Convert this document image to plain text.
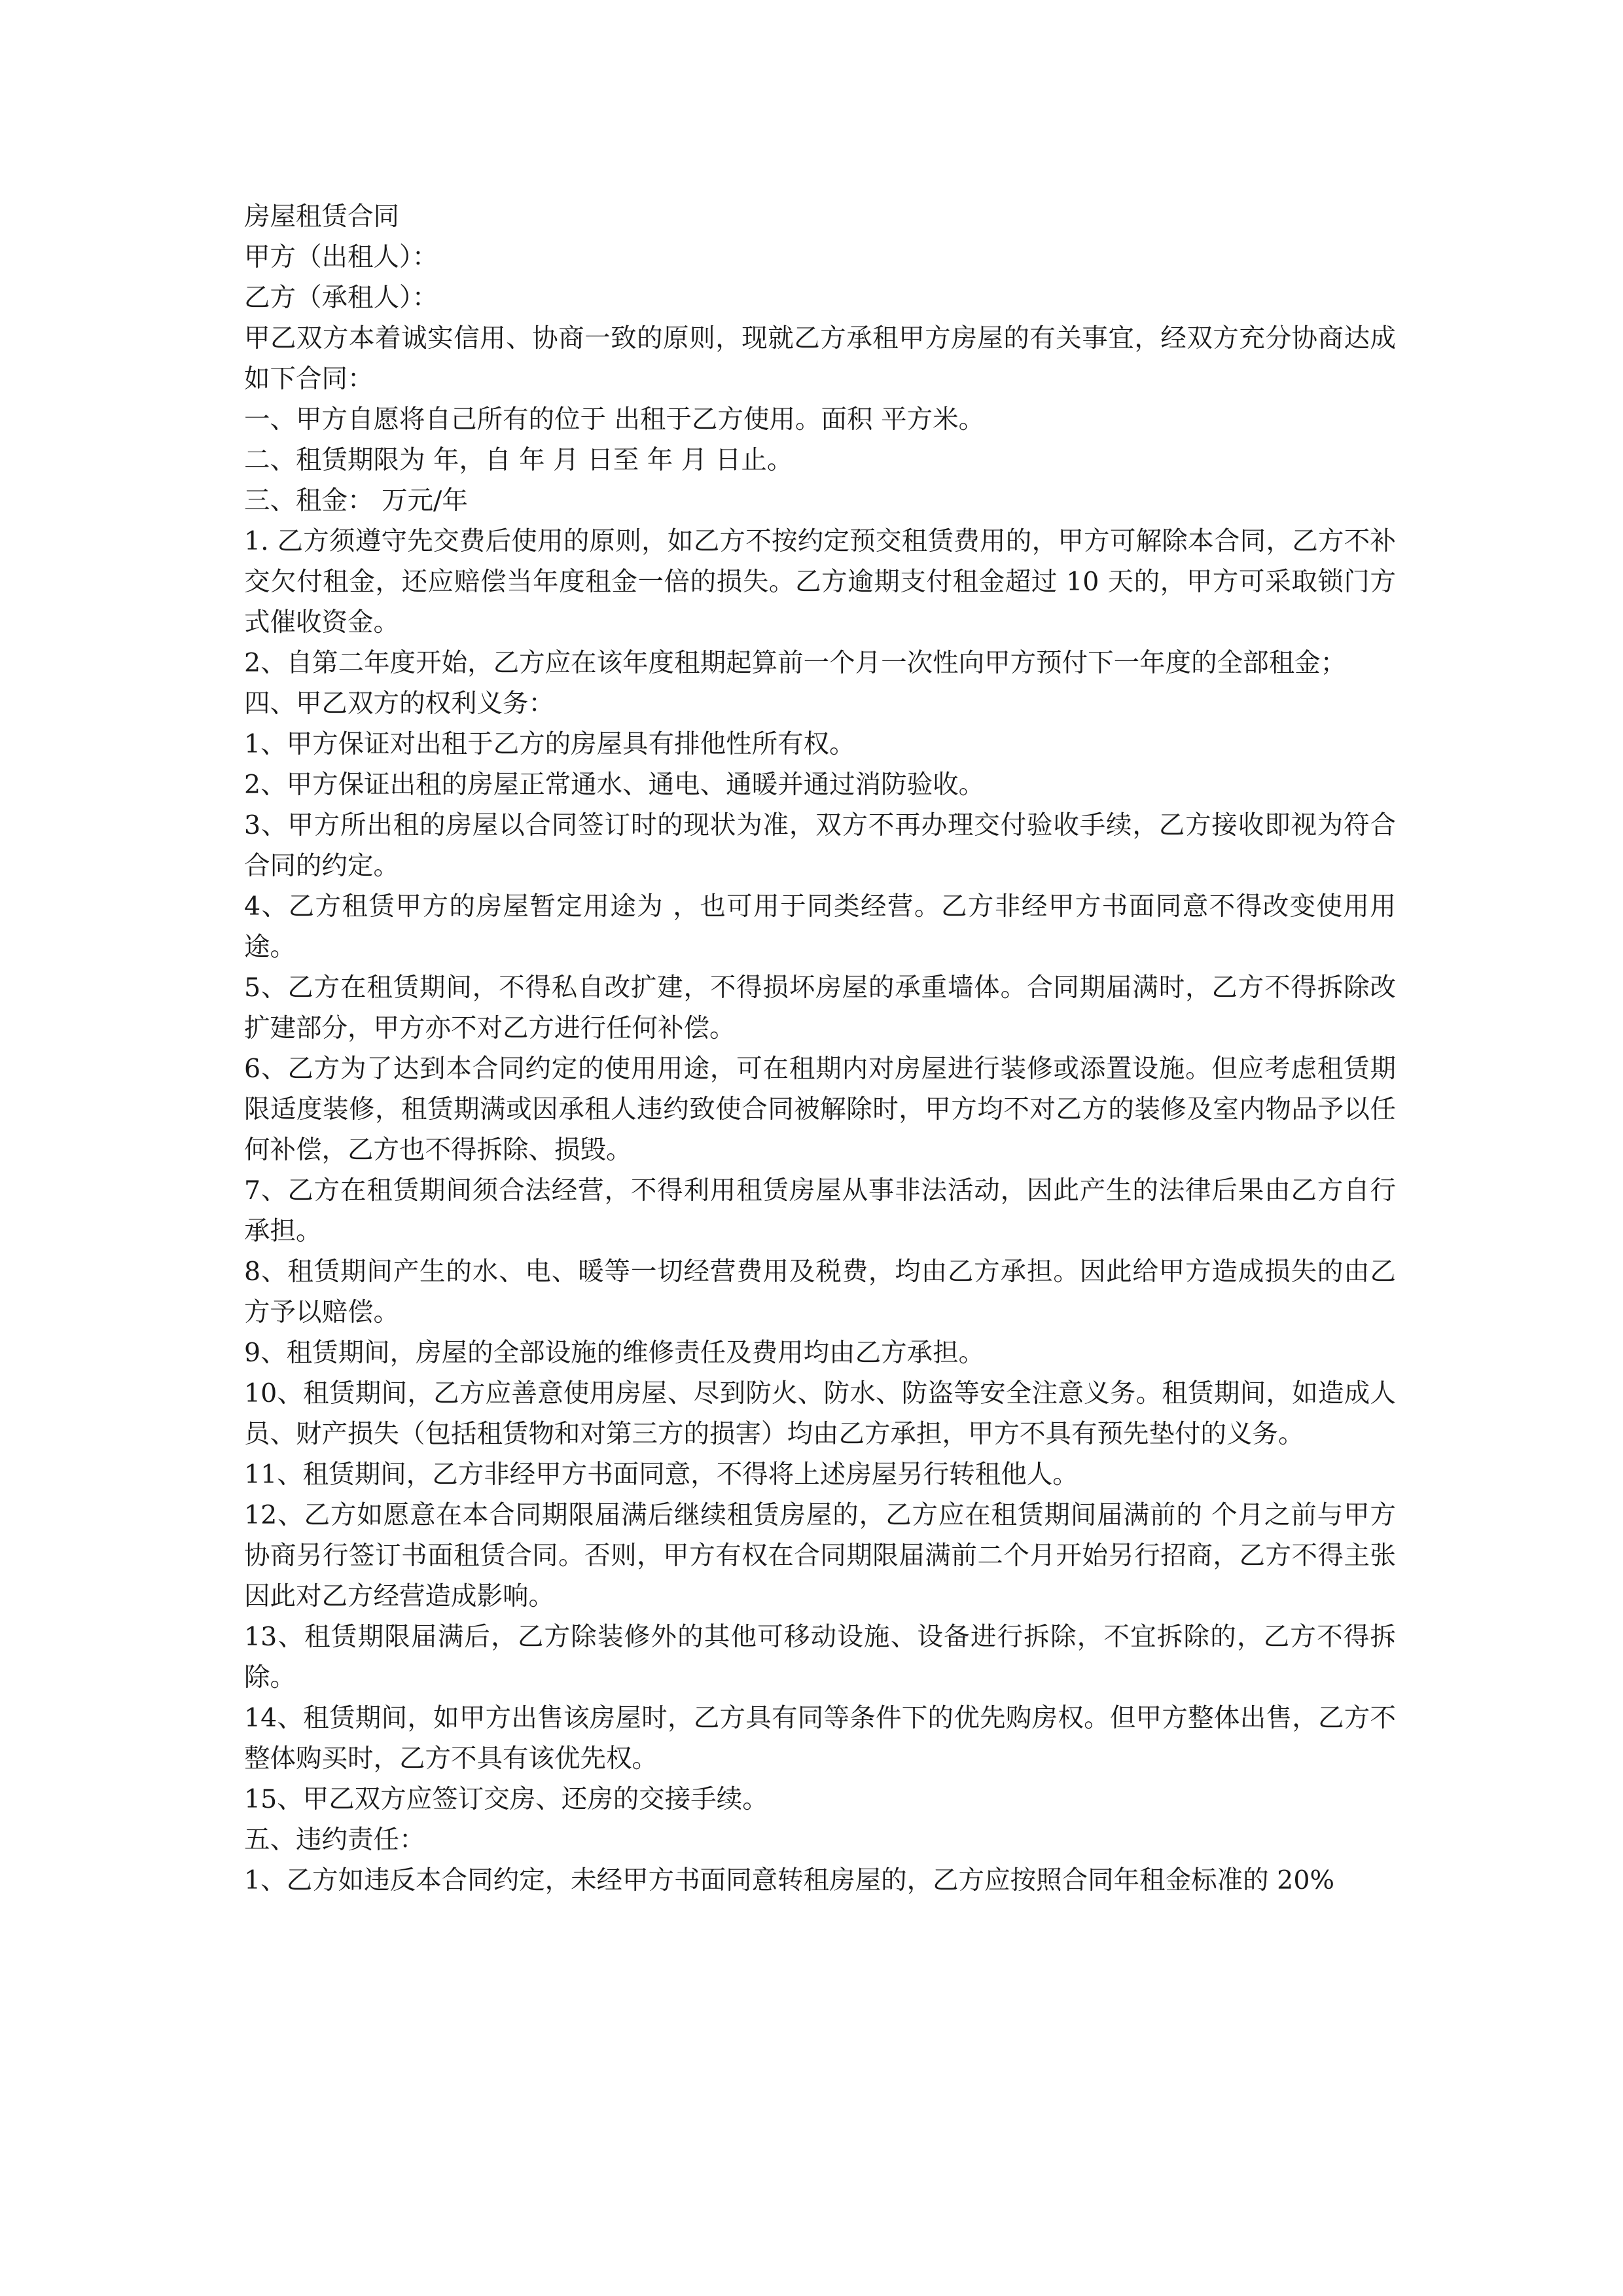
房屋租赁合同

甲方（出租人）：

乙方（承租人）：

甲乙双方本着诚实信用、协商一致的原则，现就乙方承租甲方房屋的有关事宜，经双方充分协商达成如下合同：

一、甲方自愿将自己所有的位于 出租于乙方使用。面积 平方米。

二、租赁期限为 年，自 年 月 日至 年 月 日止。

三、租金： 万元/年

1. 乙方须遵守先交费后使用的原则，如乙方不按约定预交租赁费用的，甲方可解除本合同，乙方不补交欠付租金，还应赔偿当年度租金一倍的损失。乙方逾期支付租金超过 10 天的，甲方可采取锁门方式催收资金。

2、自第二年度开始，乙方应在该年度租期起算前一个月一次性向甲方预付下一年度的全部租金；

四、甲乙双方的权利义务：

1、甲方保证对出租于乙方的房屋具有排他性所有权。

2、甲方保证出租的房屋正常通水、通电、通暖并通过消防验收。

3、甲方所出租的房屋以合同签订时的现状为准，双方不再办理交付验收手续，乙方接收即视为符合合同的约定。

4、乙方租赁甲方的房屋暂定用途为 ，也可用于同类经营。乙方非经甲方书面同意不得改变使用用途。

5、乙方在租赁期间，不得私自改扩建，不得损坏房屋的承重墙体。合同期届满时，乙方不得拆除改扩建部分，甲方亦不对乙方进行任何补偿。

6、乙方为了达到本合同约定的使用用途，可在租期内对房屋进行装修或添置设施。但应考虑租赁期限适度装修，租赁期满或因承租人违约致使合同被解除时，甲方均不对乙方的装修及室内物品予以任何补偿，乙方也不得拆除、损毁。

7、乙方在租赁期间须合法经营，不得利用租赁房屋从事非法活动，因此产生的法律后果由乙方自行承担。

8、租赁期间产生的水、电、暖等一切经营费用及税费，均由乙方承担。因此给甲方造成损失的由乙方予以赔偿。

9、租赁期间，房屋的全部设施的维修责任及费用均由乙方承担。

10、租赁期间，乙方应善意使用房屋、尽到防火、防水、防盗等安全注意义务。租赁期间，如造成人员、财产损失（包括租赁物和对第三方的损害）均由乙方承担，甲方不具有预先垫付的义务。

11、租赁期间，乙方非经甲方书面同意，不得将上述房屋另行转租他人。

12、乙方如愿意在本合同期限届满后继续租赁房屋的，乙方应在租赁期间届满前的 个月之前与甲方协商另行签订书面租赁合同。否则，甲方有权在合同期限届满前二个月开始另行招商，乙方不得主张因此对乙方经营造成影响。

13、租赁期限届满后，乙方除装修外的其他可移动设施、设备进行拆除，不宜拆除的，乙方不得拆除。

14、租赁期间，如甲方出售该房屋时，乙方具有同等条件下的优先购房权。但甲方整体出售，乙方不整体购买时，乙方不具有该优先权。

15、甲乙双方应签订交房、还房的交接手续。

五、违约责任：

1、乙方如违反本合同约定，未经甲方书面同意转租房屋的，乙方应按照合同年租金标准的 20%
